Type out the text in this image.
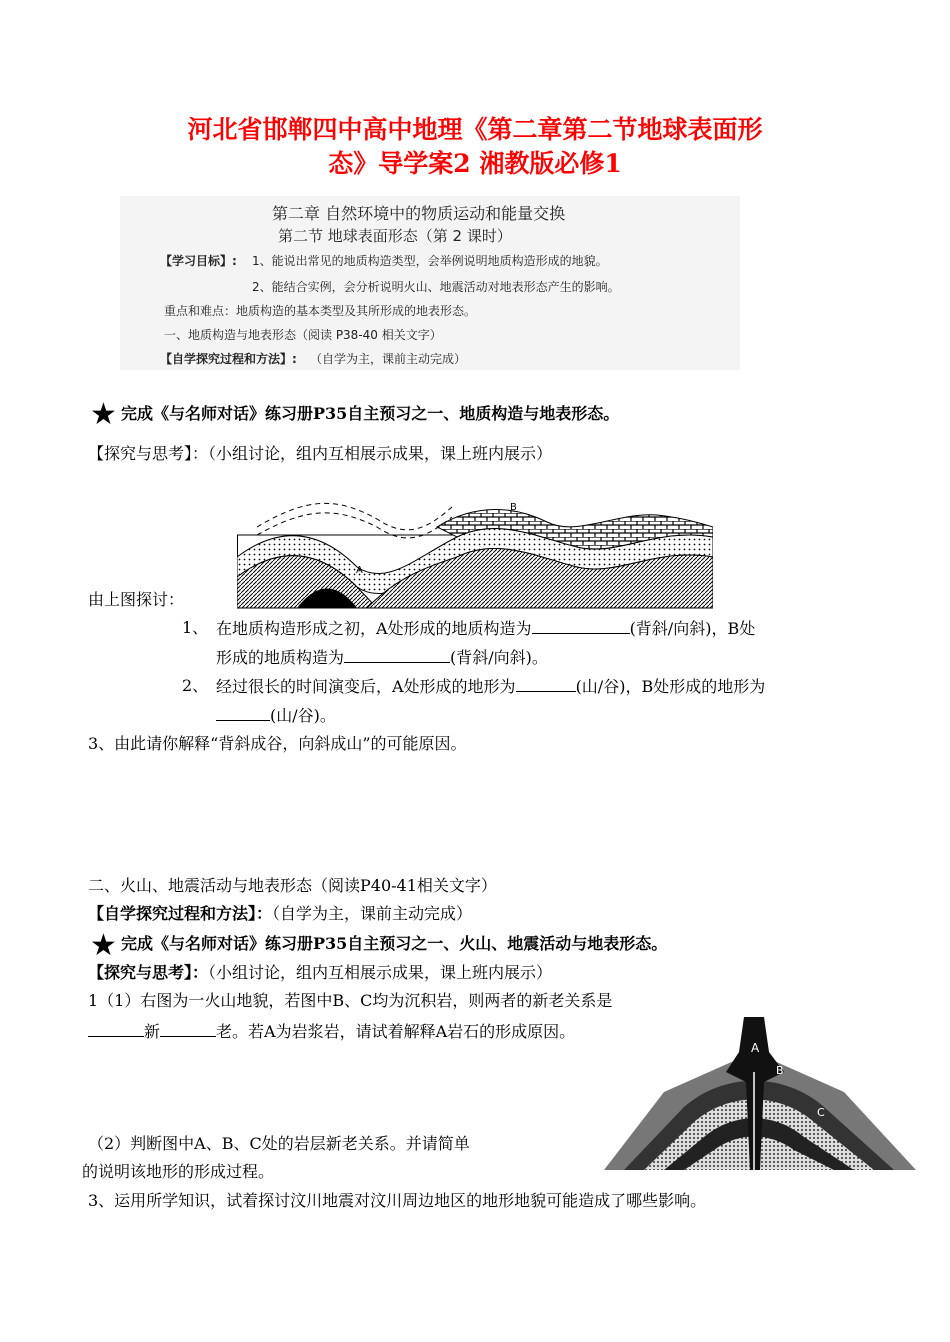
河北省邯郸四中高中地理《第二章第二节地球表面形
态》导学案2 湘教版必修1
第二章 自然环境中的物质运动和能量交换
第二节 地球表面形态（第 2 课时）
【学习目标】: 1、能说出常见的地质构造类型，会举例说明地质构造形成的地貌。
2、能结合实例，会分析说明火山、地震活动对地表形态产生的影响。
重点和难点：地质构造的基本类型及其所形成的地表形态。
一、地质构造与地表形态（阅读 P38-40 相关文字）
【自学探究过程和方法】: （自学为主，课前主动完成）
★ 完成《与名师对话》练习册P35自主预习之一、地质构造与地表形态。
【探究与思考】：（小组讨论，组内互相展示成果，课上班内展示）
A
B
由上图探讨：
1、 在地质构造形成之初，A处形成的地质构造为	(背斜/向斜)，B处
形成的地质构造为	(背斜/向斜)。
2、 经过很长的时间演变后，A处形成的地形为	(山/谷)，B处形成的地形为
(山/谷)。
3、由此请你解释“背斜成谷，向斜成山”的可能原因。
二、火山、地震活动与地表形态（阅读P40-41相关文字）
【自学探究过程和方法】：（自学为主，课前主动完成）
★ 完成《与名师对话》练习册P35自主预习之一、火山、地震活动与地表形态。
【探究与思考】：（小组讨论，组内互相展示成果，课上班内展示）
1（1）右图为一火山地貌，若图中B、C均为沉积岩，则两者的新老关系是
新	老。若A为岩浆岩，请试着解释A岩石的形成原因。
A
B
C
（2）判断图中A、B、C处的岩层新老关系。并请简单
的说明该地形的形成过程。
3、运用所学知识，试着探讨汶川地震对汶川周边地区的地形地貌可能造成了哪些影响。
